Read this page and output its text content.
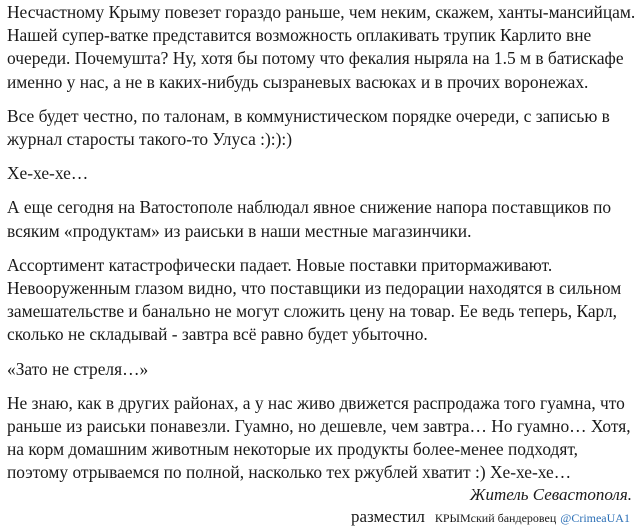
Несчастному Крыму повезет гораздо раньше, чем неким, скажем, ханты-мансийцам. Нашей супер-ватке представится возможность оплакивать трупик Карлито вне очереди. Почемушта? Ну, хотя бы потому что фекалия ныряла на 1.5 м в батискафе именно у нас, а не в каких-нибудь сызраневых васюках и в прочих воронежах.

Все будет честно, по талонам, в коммунистическом порядке очереди, с записью в журнал старосты такого-то Улуса :):):)

Хе-хе-хе…

А еще сегодня на Ватостополе наблюдал явное снижение напора поставщиков по всяким «продуктам» из раиськи в наши местные магазинчики.

Ассортимент катастрофически падает. Новые поставки притормаживают. Невооруженным глазом видно, что поставщики из педорации находятся в сильном замешательстве и банально не могут сложить цену на товар. Ее ведь теперь, Карл, сколько не складывай - завтра всё равно будет убыточно.

«Зато не стреля…»

Не знаю, как в других районах, а у нас живо движется распродажа того гуамна, что раньше из раиськи понавезли. Гуамно, но дешевле, чем завтра… Но гуамно… Хотя, на корм домашним животным некоторые их продукты более-менее подходят, поэтому отрываемся по полной, насколько тех ржублей хватит :) Хе-хе-хе…

Житель Севастополя.
разместил КРЫМский бандеровец @CrimeaUA1
